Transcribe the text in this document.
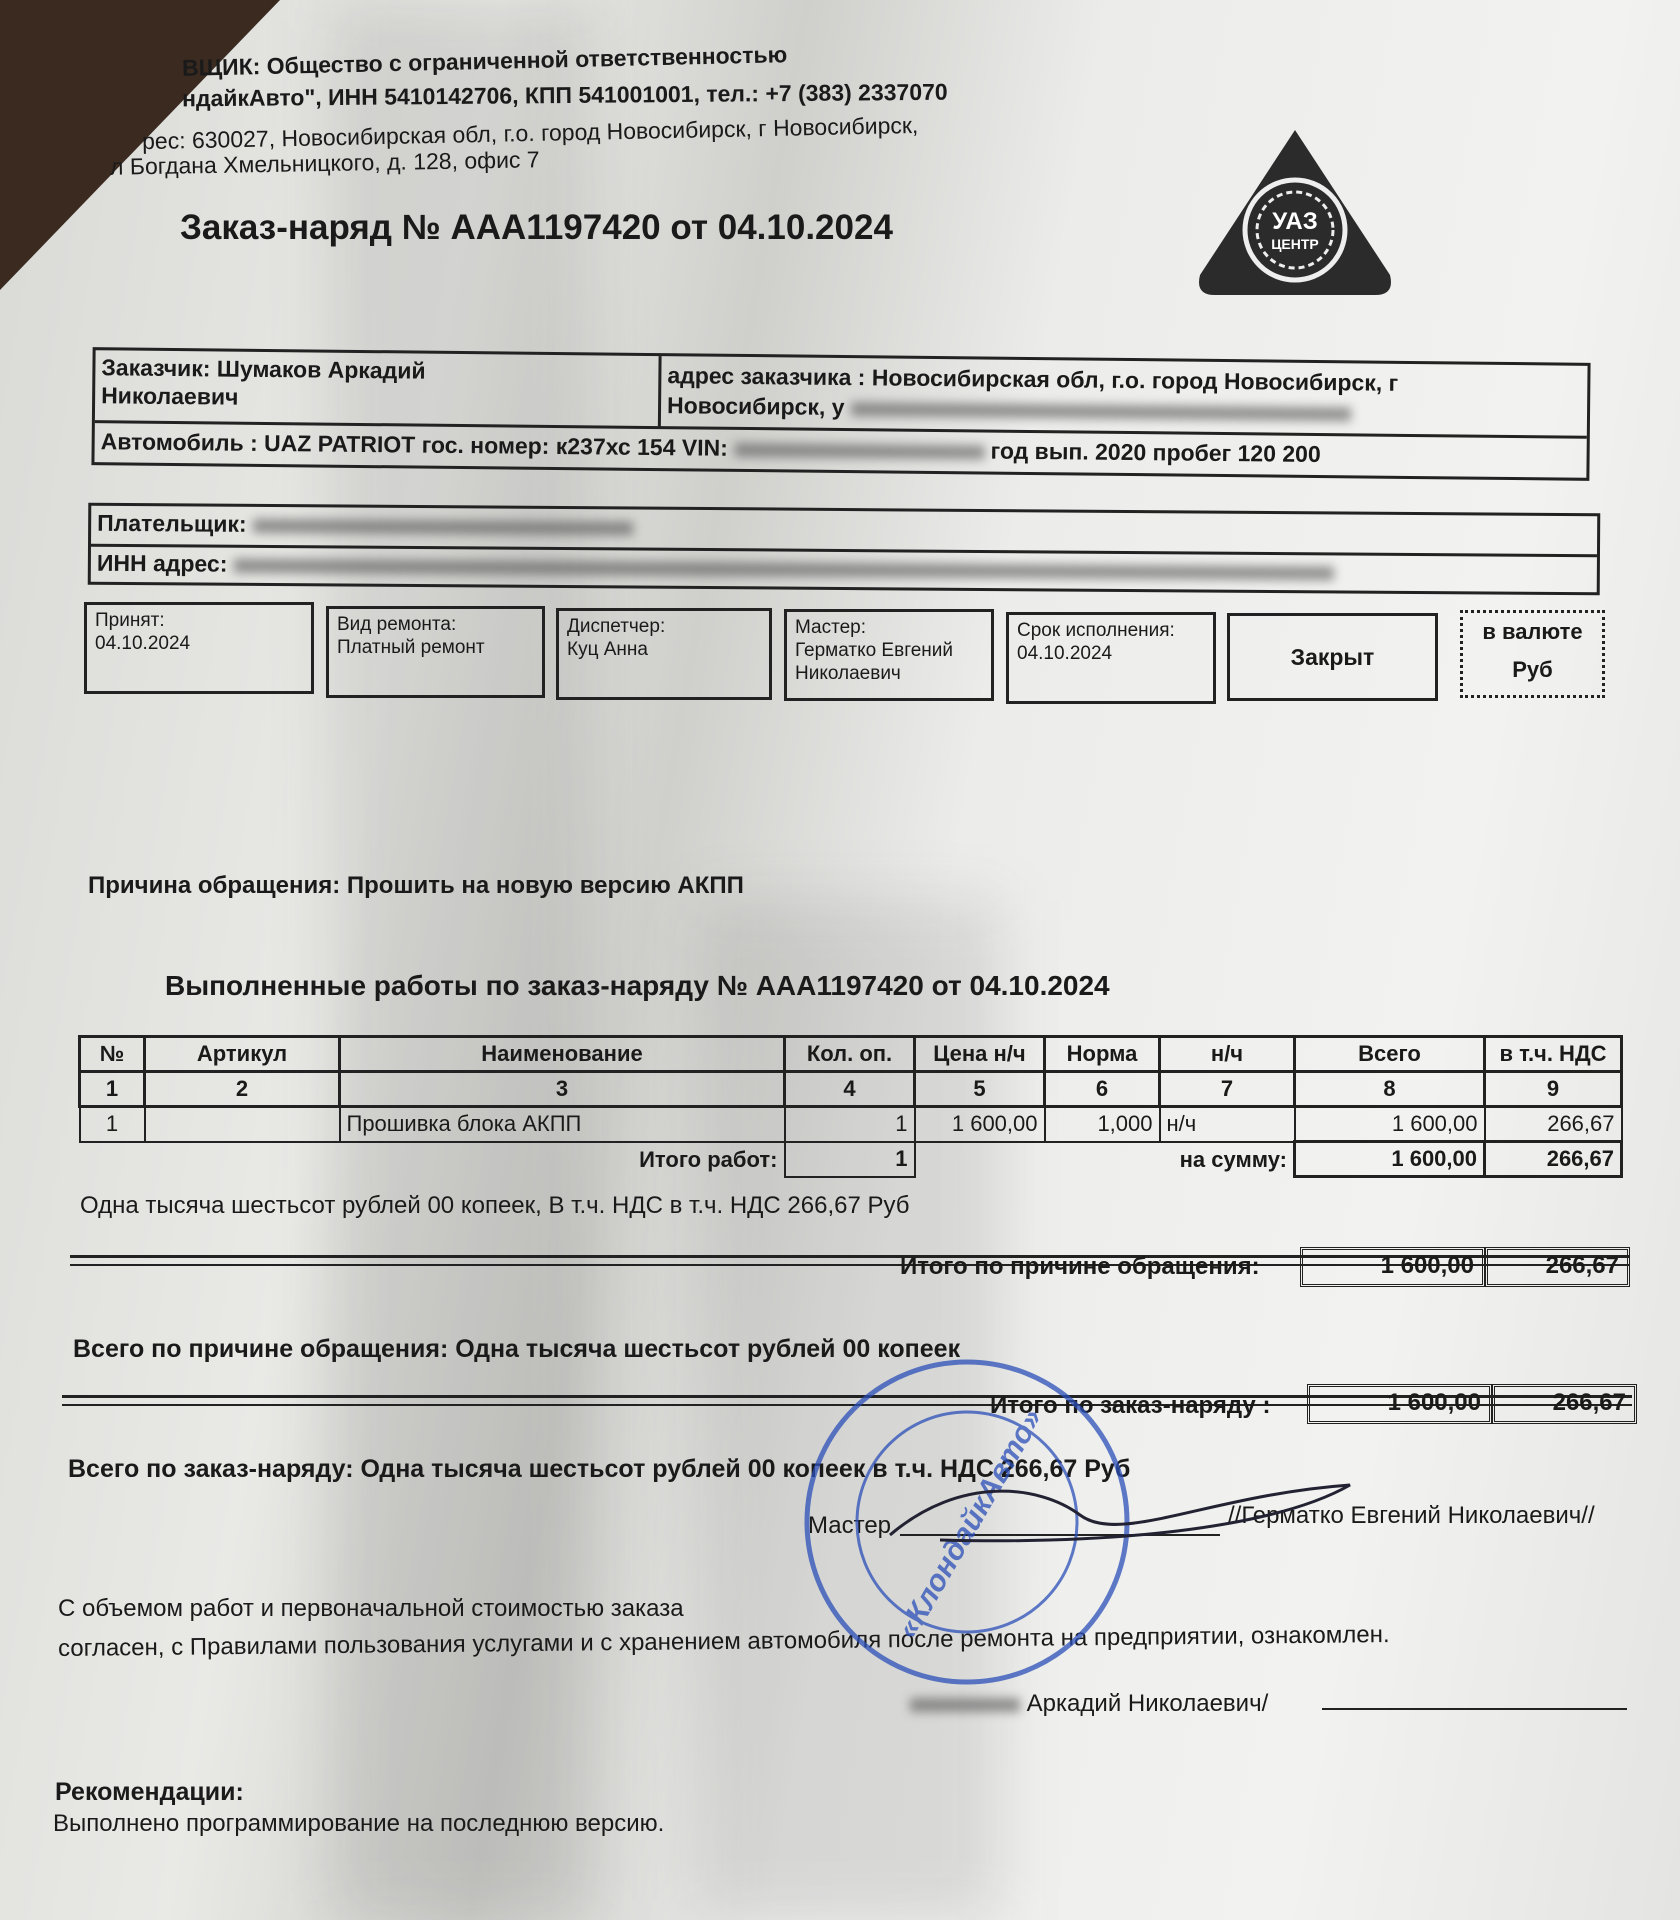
ВЩИК: Общество с ограниченной ответственностью
ндайкАвто", ИНН 5410142706, КПП 541001001, тел.: +7 (383) 2337070
рес: 630027, Новосибирская обл, г.о. город Новосибирск, г Новосибирск,
л Богдана Хмельницкого, д. 128, офис 7
Заказ-наряд № ААА1197420 от 04.10.2024	УАЗ
ЦЕНТР
Заказчик: Шумаков Аркадий
Николаевич
адрес заказчика : Новосибирская обл, г.о. город Новосибирск, г
Новосибирск, у
Автомобиль : UAZ PATRIOT гос. номер: к237хс 154 VIN:	год вып. 2020 пробег 120 200
Плательщик:
ИНН адрес:
Принят:
04.10.2024
Вид ремонта:
Платный ремонт
Диспетчер:
Куц Анна
Мастер:
Герматко Евгений Николаевич
Срок исполнения:
04.10.2024	Закрыт
в валюте
Руб
Причина обращения: Прошить на новую версию АКПП
Выполненные работы по заказ-наряду № ААА1197420 от 04.10.2024
№	Артикул	Наименование	Кол. оп.	Цена н/ч	Норма	н/ч	Всего	в т.ч. НДС
1	2	3	4	5	6	7	8	9
1		Прошивка блока АКПП	1	1 600,00	1,000	н/ч	1 600,00	266,67
Итого работ:			1	на сумму:			1 600,00	266,67
Одна тысяча шестьсот рублей 00 копеек, В т.ч. НДС в т.ч. НДС 266,67 Руб
Итого по причине обращения:	1 600,00	266,67
Всего по причине обращения: Одна тысяча шестьсот рублей 00 копеек
Итого по заказ-наряду :	1 600,00	266,67
Всего по заказ-наряду: Одна тысяча шестьсот рублей 00 копеек в т.ч. НДС 266,67 Руб
Мастер	//Герматко Евгений Николаевич//
С объемом работ и первоначальной стоимостью заказа
согласен, с Правилами пользования услугами и с хранением автомобиля после ремонта на предприятии, ознакомлен.
Аркадий Николаевич/
Рекомендации:
Выполнено программирование на последнюю версию.
«КлондайкАвто»
